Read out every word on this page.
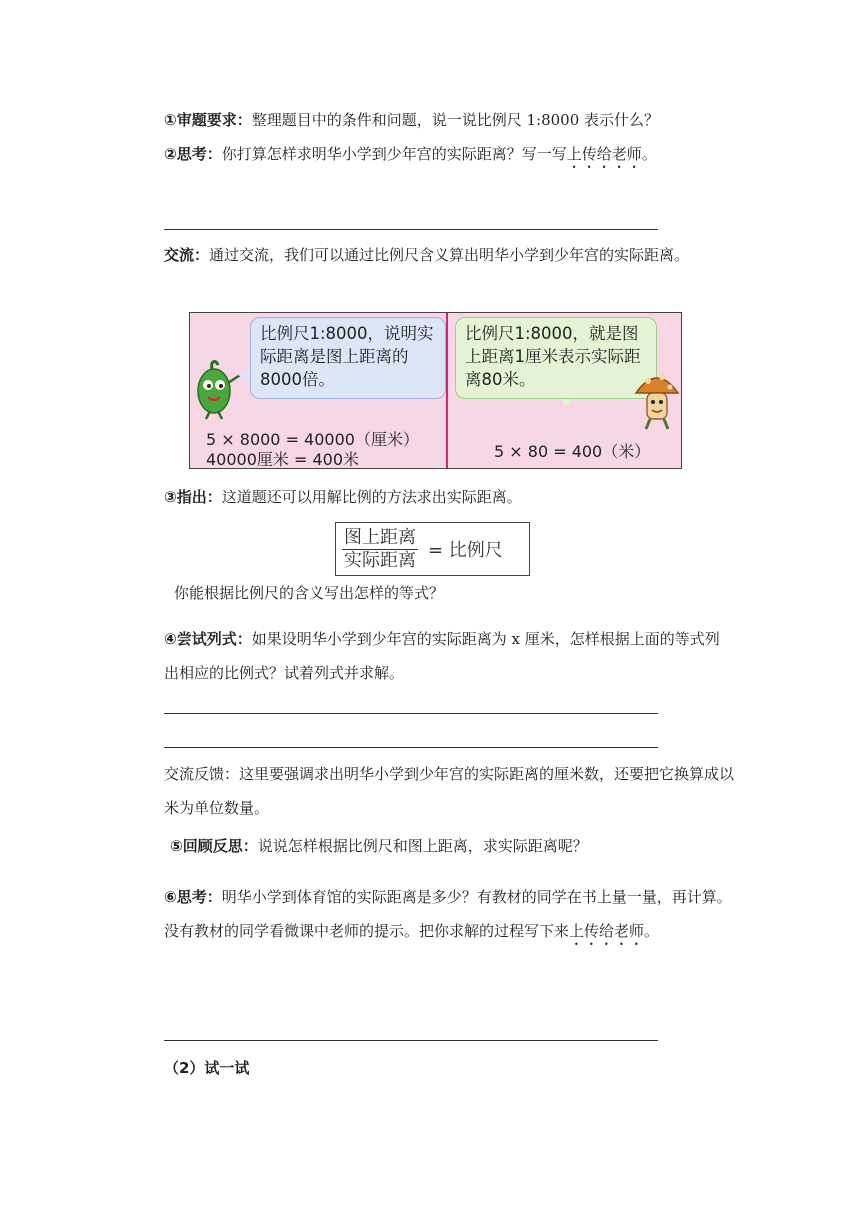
①审题要求：整理题目中的条件和问题，说一说比例尺 1:8000 表示什么？

②思考：你打算怎样求明华小学到少年宫的实际距离？写一写上传给老师。

交流：通过交流，我们可以通过比例尺含义算出明华小学到少年宫的实际距离。

比例尺1:8000，说明实际距离是图上距离的8000倍。
比例尺1:8000，就是图上距离1厘米表示实际距离80米。
5 × 8000 = 40000（厘米）
40000厘米 = 400米	5 × 80 = 400（米）

③指出：这道题还可以用解比例的方法求出实际距离。

$\frac{\text{图上距离}}{\text{实际距离}}$ = 比例尺

你能根据比例尺的含义写出怎样的等式？

④尝试列式：如果设明华小学到少年宫的实际距离为 x 厘米，怎样根据上面的等式列出相应的比例式？试着列式并求解。

交流反馈：这里要强调求出明华小学到少年宫的实际距离的厘米数，还要把它换算成以米为单位数量。

⑤回顾反思：说说怎样根据比例尺和图上距离，求实际距离呢？

⑥思考：明华小学到体育馆的实际距离是多少？有教材的同学在书上量一量，再计算。没有教材的同学看微课中老师的提示。把你求解的过程写下来上传给老师。

（2）试一试
